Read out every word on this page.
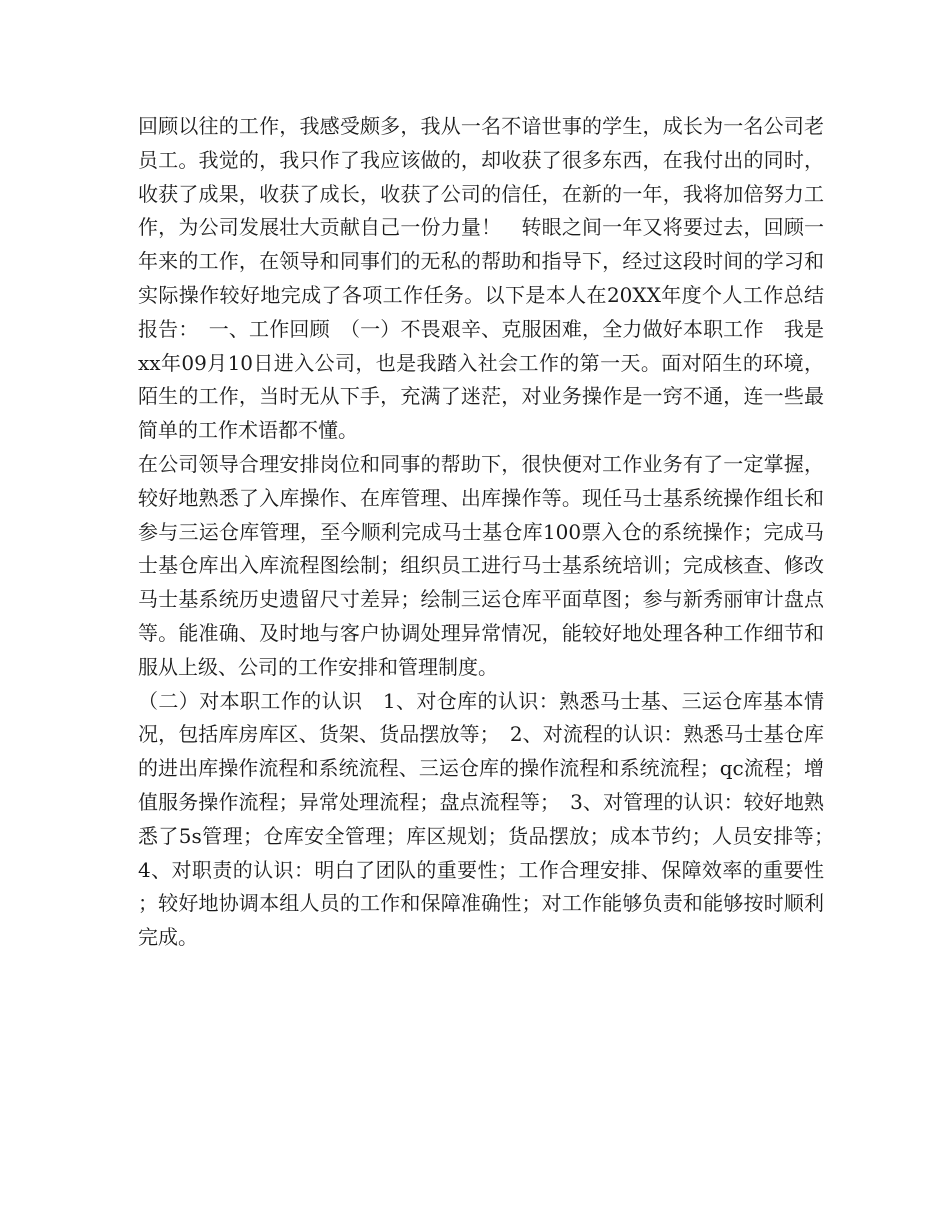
回顾以往的工作，我感受颇多，我从一名不谙世事的学生，成长为一名公司老员工。我觉的，我只作了我应该做的，却收获了很多东西，在我付出的同时，收获了成果，收获了成长，收获了公司的信任，在新的一年，我将加倍努力工作，为公司发展壮大贡献自己一份力量！　转眼之间一年又将要过去，回顾一年来的工作，在领导和同事们的无私的帮助和指导下，经过这段时间的学习和实际操作较好地完成了各项工作任务。以下是本人在20XX年度个人工作总结报告：　一、工作回顾　（一）不畏艰辛、克服困难，全力做好本职工作　我是xx年09月10日进入公司，也是我踏入社会工作的第一天。面对陌生的环境，陌生的工作，当时无从下手，充满了迷茫，对业务操作是一窍不通，连一些最简单的工作术语都不懂。

在公司领导合理安排岗位和同事的帮助下，很快便对工作业务有了一定掌握，较好地熟悉了入库操作、在库管理、出库操作等。现任马士基系统操作组长和参与三运仓库管理，至今顺利完成马士基仓库100票入仓的系统操作；完成马士基仓库出入库流程图绘制；组织员工进行马士基系统培训；完成核查、修改马士基系统历史遗留尺寸差异；绘制三运仓库平面草图；参与新秀丽审计盘点等。能准确、及时地与客户协调处理异常情况，能较好地处理各种工作细节和服从上级、公司的工作安排和管理制度。

（二）对本职工作的认识　1、对仓库的认识：熟悉马士基、三运仓库基本情况，包括库房库区、货架、货品摆放等；　2、对流程的认识：熟悉马士基仓库的进出库操作流程和系统流程、三运仓库的操作流程和系统流程；qc流程；增值服务操作流程；异常处理流程；盘点流程等；　3、对管理的认识：较好地熟悉了5s管理；仓库安全管理；库区规划；货品摆放；成本节约；人员安排等；　4、对职责的认识：明白了团队的重要性；工作合理安排、保障效率的重要性；较好地协调本组人员的工作和保障准确性；对工作能够负责和能够按时顺利完成。
